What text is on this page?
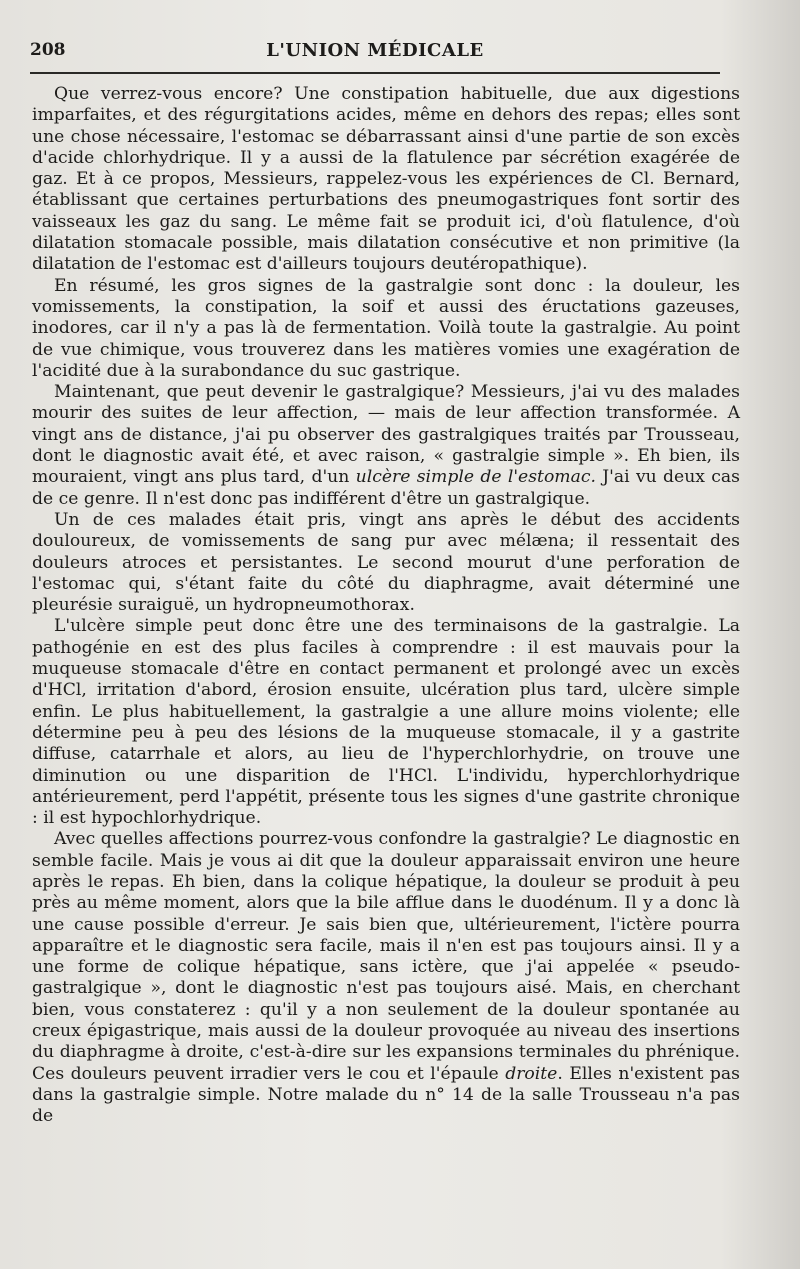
208	L'UNION MÉDICALE

Que verrez-vous encore? Une constipation habituelle, due aux digestions imparfaites, et des régurgitations acides, même en dehors des repas; elles sont une chose nécessaire, l'estomac se débarrassant ainsi d'une partie de son excès d'acide chlorhydrique. Il y a aussi de la flatulence par sécrétion exagérée de gaz. Et à ce propos, Messieurs, rappelez-vous les expériences de Cl. Bernard, établissant que certaines perturbations des pneumogastriques font sortir des vaisseaux les gaz du sang. Le même fait se produit ici, d'où flatulence, d'où dilatation stomacale possible, mais dilatation consécutive et non primitive (la dilatation de l'estomac est d'ailleurs toujours deutéropathique).

En résumé, les gros signes de la gastralgie sont donc : la douleur, les vomissements, la constipation, la soif et aussi des éructations gazeuses, inodores, car il n'y a pas là de fermentation. Voilà toute la gastralgie. Au point de vue chimique, vous trouverez dans les matières vomies une exagération de l'acidité due à la surabondance du suc gastrique.

Maintenant, que peut devenir le gastralgique? Messieurs, j'ai vu des malades mourir des suites de leur affection, — mais de leur affection transformée. A vingt ans de distance, j'ai pu observer des gastralgiques traités par Trousseau, dont le diagnostic avait été, et avec raison, « gastralgie simple ». Eh bien, ils mouraient, vingt ans plus tard, d'un ulcère simple de l'estomac. J'ai vu deux cas de ce genre. Il n'est donc pas indifférent d'être un gastralgique.

Un de ces malades était pris, vingt ans après le début des accidents douloureux, de vomissements de sang pur avec mélæna; il ressentait des douleurs atroces et persistantes. Le second mourut d'une perforation de l'estomac qui, s'étant faite du côté du diaphragme, avait déterminé une pleurésie suraiguë, un hydropneumothorax.

L'ulcère simple peut donc être une des terminaisons de la gastralgie. La pathogénie en est des plus faciles à comprendre : il est mauvais pour la muqueuse stomacale d'être en contact permanent et prolongé avec un excès d'HCl, irritation d'abord, érosion ensuite, ulcération plus tard, ulcère simple enfin. Le plus habituellement, la gastralgie a une allure moins violente; elle détermine peu à peu des lésions de la muqueuse stomacale, il y a gastrite diffuse, catarrhale et alors, au lieu de l'hyperchlorhydrie, on trouve une diminution ou une disparition de l'HCl. L'individu, hyperchlorhydrique antérieurement, perd l'appétit, présente tous les signes d'une gastrite chronique : il est hypochlorhydrique.

Avec quelles affections pourrez-vous confondre la gastralgie? Le diagnostic en semble facile. Mais je vous ai dit que la douleur apparaissait environ une heure après le repas. Eh bien, dans la colique hépatique, la douleur se produit à peu près au même moment, alors que la bile afflue dans le duodénum. Il y a donc là une cause possible d'erreur. Je sais bien que, ultérieurement, l'ictère pourra apparaître et le diagnostic sera facile, mais il n'en est pas toujours ainsi. Il y a une forme de colique hépatique, sans ictère, que j'ai appelée « pseudo-gastralgique », dont le diagnostic n'est pas toujours aisé. Mais, en cherchant bien, vous constaterez : qu'il y a non seulement de la douleur spontanée au creux épigastrique, mais aussi de la douleur provoquée au niveau des insertions du diaphragme à droite, c'est-à-dire sur les expansions terminales du phrénique. Ces douleurs peuvent irradier vers le cou et l'épaule droite. Elles n'existent pas dans la gastralgie simple. Notre malade du n° 14 de la salle Trousseau n'a pas de
